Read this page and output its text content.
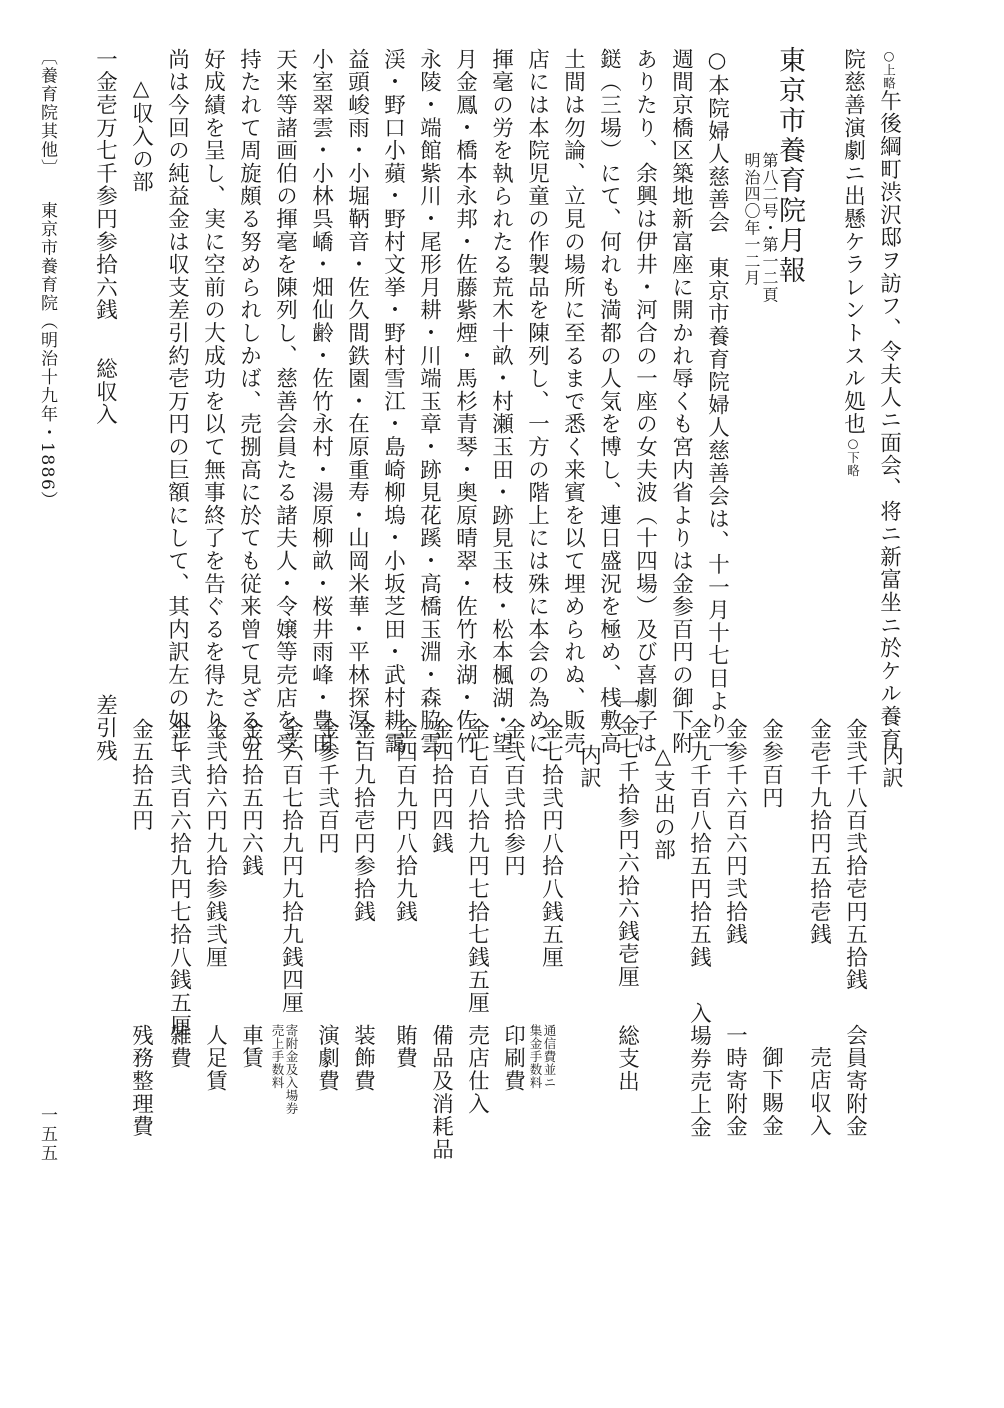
○上略午後綱町渋沢邸ヲ訪フ、令夫人ニ面会、将ニ新富坐ニ於ケル養育
院慈善演劇ニ出懸ケラレントスル処也○下略
東京市養育院月報
第八二号・第一二頁
明治四〇年一二月
○本院婦人慈善会　東京市養育院婦人慈善会は、十一月十七日より一
週間京橋区築地新富座に開かれ辱くも宮内省よりは金参百円の御下附
ありたり、余興は伊井・河合の一座の女夫波（十四場）及び喜劇子は
鎹（三場）にて、何れも満都の人気を博し、連日盛況を極め、桟敷高
土間は勿論、立見の場所に至るまで悉く来賓を以て埋められぬ、販売
店には本院児童の作製品を陳列し、一方の階上には殊に本会の為めに
揮毫の労を執られたる荒木十畝・村瀬玉田・跡見玉枝・松本楓湖・望
月金鳳・橋本永邦・佐藤紫煙・馬杉青琴・奥原晴翠・佐竹永湖・佐竹
永陵・端館紫川・尾形月耕・川端玉章・跡見花蹊・高橋玉淵・森脇雲
渓・野口小蘋・野村文挙・野村雪江・島崎柳塢・小坂芝田・武村耕靄
益頭峻雨・小堀鞆音・佐久間鉄園・在原重寿・山岡米華・平林探溟・
小室翠雲・小林呉嶠・畑仙齢・佐竹永村・湯原柳畝・桜井雨峰・豊田
天来等諸画伯の揮毫を陳列し、慈善会員たる諸夫人・令嬢等売店を受
持たれて周旋頗る努められしかば、売捌高に於ても従来曾て見ざるの
好成績を呈し、実に空前の大成功を以て無事終了を告ぐるを得たり。
尚は今回の純益金は収支差引約壱万円の巨額にして、其内訳左の如し
△収入の部
一金壱万七千参円参拾六銭総収入
〔養育院其他〕東京市養育院（明治十九年・1886）
内訳
金弐千八百弐拾壱円五拾銭
会員寄附金
金壱千九拾円五拾壱銭
売店収入
金参百円
御下賜金
金参千六百六円弐拾銭
一時寄附金
金九千百八拾五円拾五銭
入場券売上金
△支出の部
一金七千拾参円六拾六銭壱厘総支出
内訳
金七拾弐円八拾八銭五厘
通信費並ニ
集金手数料
金弐百弐拾参円
印刷費
金七百八拾九円七拾七銭五厘
売店仕入
金四拾円四銭
備品及消耗品
金四百九円八拾九銭
賄費
金百九拾壱円参拾銭
装飾費
金参千弐百円
演劇費
金六百七拾九円九拾九銭四厘
寄附金及入場券
売上手数料
金五拾五円六銭
車賃
金弐拾六円九拾参銭弐厘
人足賃
金千弐百六拾九円七拾八銭五厘
雑費
金五拾五円
残務整理費
差引残
一五五
